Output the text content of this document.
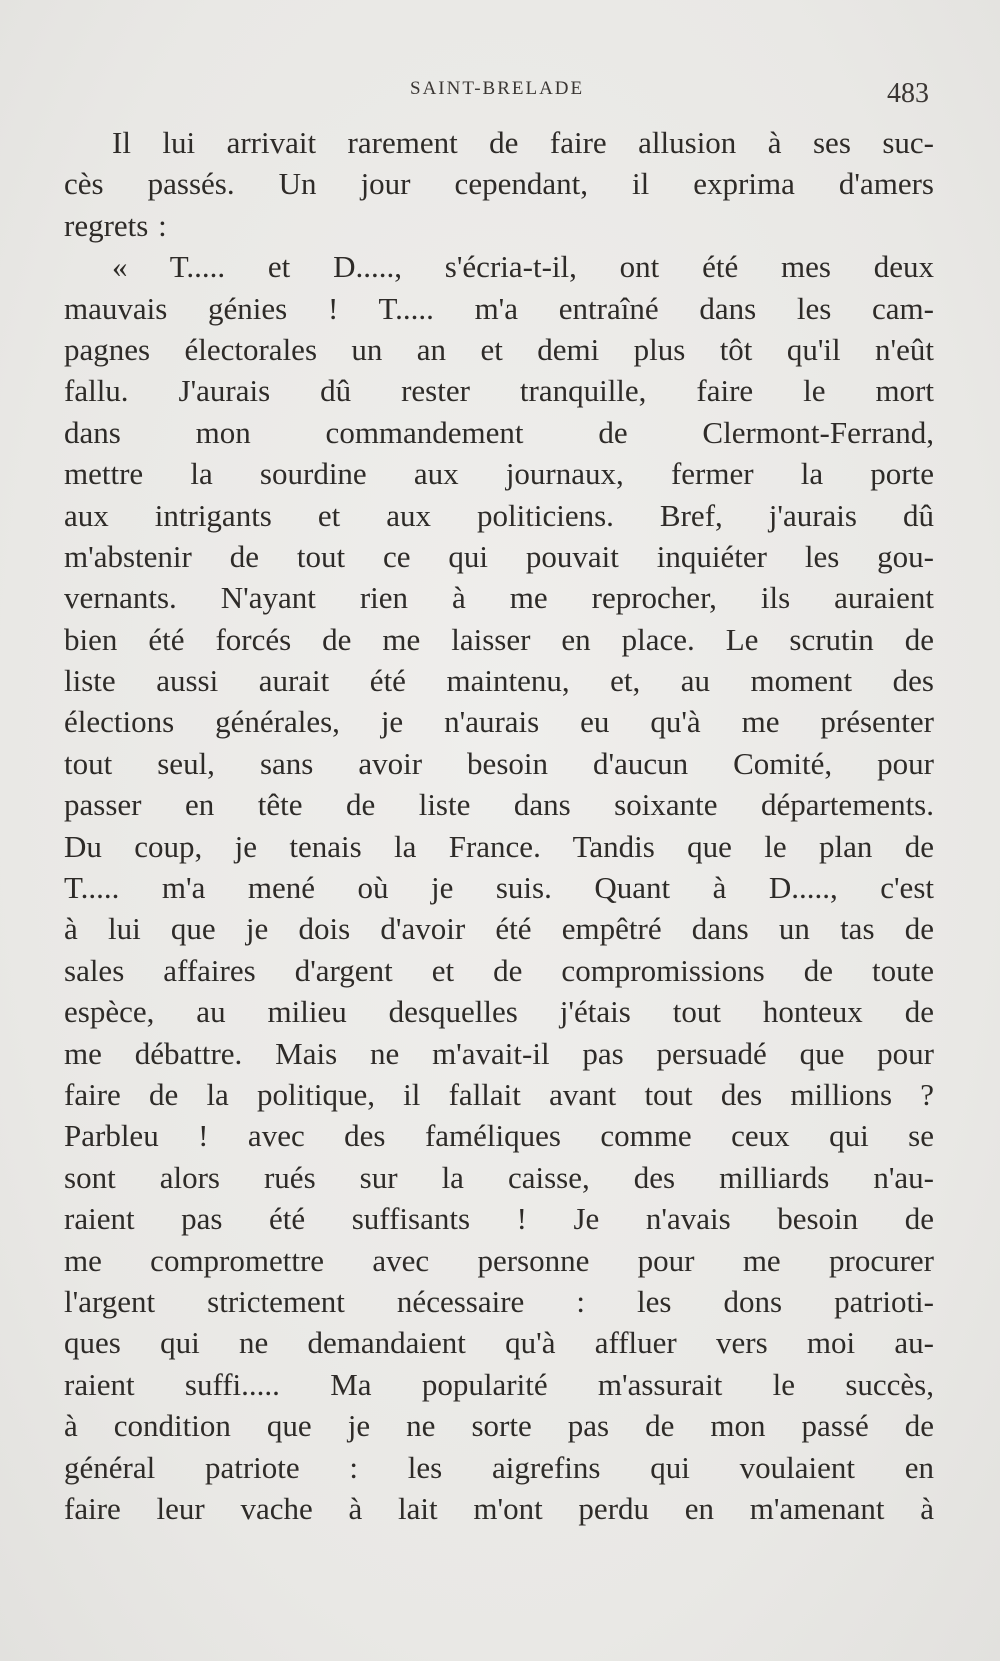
SAINT-BRELADE	483
Il lui arrivait rarement de faire allusion à ses suc-
cès passés. Un jour cependant, il exprima d'amers
regrets :
« T..... et D....., s'écria-t-il, ont été mes deux
mauvais génies ! T..... m'a entraîné dans les cam-
pagnes électorales un an et demi plus tôt qu'il n'eût
fallu. J'aurais dû rester tranquille, faire le mort
dans mon commandement de Clermont-Ferrand,
mettre la sourdine aux journaux, fermer la porte
aux intrigants et aux politiciens. Bref, j'aurais dû
m'abstenir de tout ce qui pouvait inquiéter les gou-
vernants. N'ayant rien à me reprocher, ils auraient
bien été forcés de me laisser en place. Le scrutin de
liste aussi aurait été maintenu, et, au moment des
élections générales, je n'aurais eu qu'à me présenter
tout seul, sans avoir besoin d'aucun Comité, pour
passer en tête de liste dans soixante départements.
Du coup, je tenais la France. Tandis que le plan de
T..... m'a mené où je suis. Quant à D....., c'est
à lui que je dois d'avoir été empêtré dans un tas de
sales affaires d'argent et de compromissions de toute
espèce, au milieu desquelles j'étais tout honteux de
me débattre. Mais ne m'avait-il pas persuadé que pour
faire de la politique, il fallait avant tout des millions ?
Parbleu ! avec des faméliques comme ceux qui se
sont alors rués sur la caisse, des milliards n'au-
raient pas été suffisants ! Je n'avais besoin de
me compromettre avec personne pour me procurer
l'argent strictement nécessaire : les dons patrioti-
ques qui ne demandaient qu'à affluer vers moi au-
raient suffi..... Ma popularité m'assurait le succès,
à condition que je ne sorte pas de mon passé de
général patriote : les aigrefins qui voulaient en
faire leur vache à lait m'ont perdu en m'amenant à
